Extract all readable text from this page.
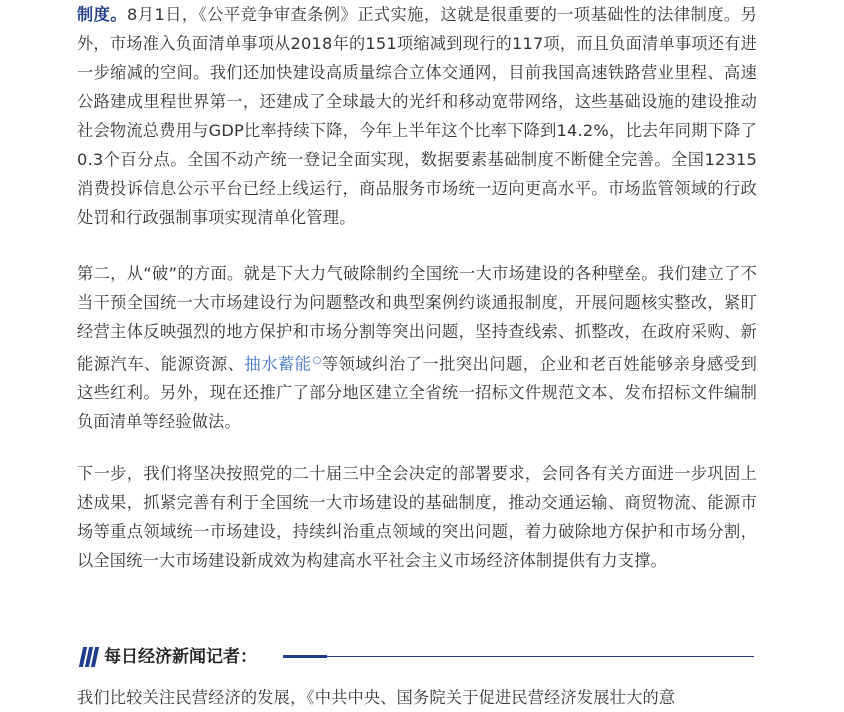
制度。8月1日，《公平竞争审查条例》正式实施，这就是很重要的一项基础性的法律制度。另外，市场准入负面清单事项从2018年的151项缩减到现行的117项，而且负面清单事项还有进一步缩减的空间。我们还加快建设高质量综合立体交通网，目前我国高速铁路营业里程、高速公路建成里程世界第一，还建成了全球最大的光纤和移动宽带网络，这些基础设施的建设推动社会物流总费用与GDP比率持续下降，今年上半年这个比率下降到14.2%，比去年同期下降了0.3个百分点。全国不动产统一登记全面实现，数据要素基础制度不断健全完善。全国12315消费投诉信息公示平台已经上线运行，商品服务市场统一迈向更高水平。市场监管领域的行政处罚和行政强制事项实现清单化管理。

第二，从“破”的方面。就是下大力气破除制约全国统一大市场建设的各种壁垒。我们建立了不当干预全国统一大市场建设行为问题整改和典型案例约谈通报制度，开展问题核实整改，紧盯经营主体反映强烈的地方保护和市场分割等突出问题，坚持查线索、抓整改，在政府采购、新能源汽车、能源资源、抽水蓄能○等领域纠治了一批突出问题，企业和老百姓能够亲身感受到这些红利。另外，现在还推广了部分地区建立全省统一招标文件规范文本、发布招标文件编制负面清单等经验做法。

下一步，我们将坚决按照党的二十届三中全会决定的部署要求，会同各有关方面进一步巩固上述成果，抓紧完善有利于全国统一大市场建设的基础制度，推动交通运输、商贸物流、能源市场等重点领域统一市场建设，持续纠治重点领域的突出问题，着力破除地方保护和市场分割，以全国统一大市场建设新成效为构建高水平社会主义市场经济体制提供有力支撑。

我们比较关注民营经济的发展，《中共中央、国务院关于促进民营经济发展壮大的意

每日经济新闻记者：
